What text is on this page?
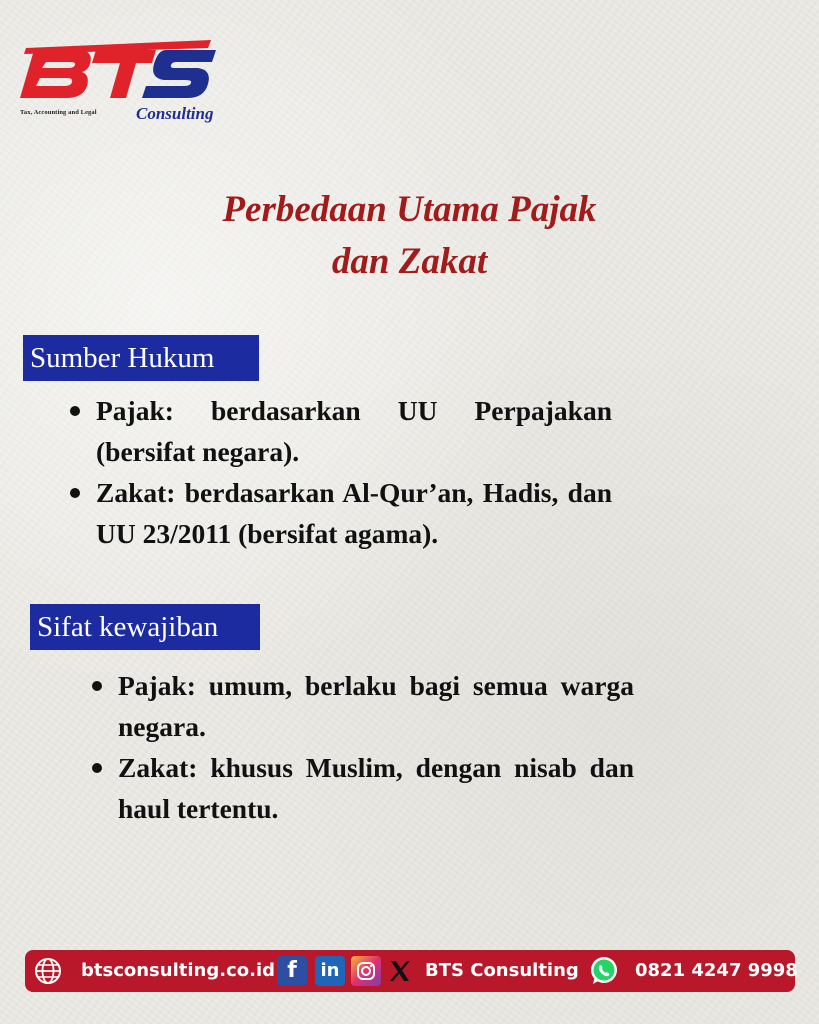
Tax, Accounting and Legal Consulting
Perbedaan Utama Pajak
dan Zakat
Sumber Hukum
Pajak: berdasarkan UU Perpajakan (bersifat negara).
Zakat: berdasarkan Al-Qur’an, Hadis, dan UU 23/2011 (bersifat agama).
Sifat kewajiban
Pajak: umum, berlaku bagi semua warga negara.
Zakat: khusus Muslim, dengan nisab dan haul tertentu.
btsconsulting.co.id f	in	BTS Consulting	0821 4247 9998
